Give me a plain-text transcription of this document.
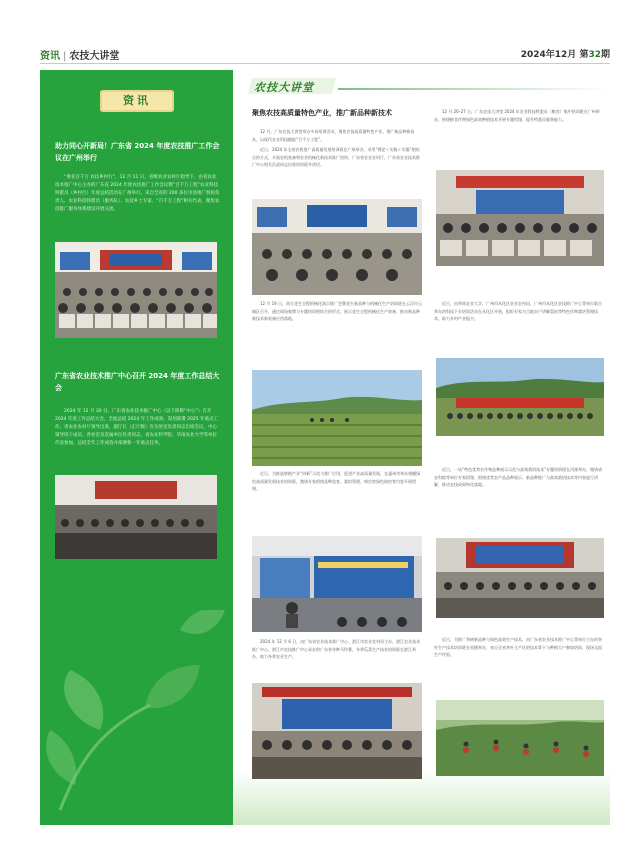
资讯 | 农技大讲堂	2024年12月 第32期
资讯
助力同心开新局！广东省 2024 年度农技推广工作会议在广州举行
“事业百千万 农技乡村行”，12 月 11 日，省级农业农村厅指导下，由省农业技术推广中心主办的广东省 2024 年度农技推广工作会议暨“百千万工程”农业科技特派员（乡村行）年度总结活动在广州举行。来自全省的 200 多位市县推广机构负责人、农业科技特派员（服务队）、农技乡土专家、“百千万工程”相关代表，聚焦农技推广服务体系建设开展交流。
广东省农业技术推广中心召开 2024 年度工作总结大会
2024 年 12 月 30 日，广东省农业技术推广中心（以下简称“中心”）召开 2024 年度工作总结大会，全面总结 2024 年工作成效，谋划部署 2025 年重点工作。省农业农村厅领导出席，副厅长（正厅级）有关处室负责同志出席会议，中心领导班子成员、各处室及直属单位负责同志，省农业科学院、华南农业大学等单位代表参加，总结全年工作成效并部署新一年重点任务。
农技大讲堂
聚焦农技高质量特色产业，推广新品种新技术
12 月，广东农技大讲堂举办多场培训活动，聚焦农技高质量特色产业，推广新品种新技术，以现代农业科技赋能“百千万工程”。
近日，2024 年全省农机推广高质量发展培训班在广州举办，采用“理论＋实践＋实操”相结合的方式，开展农机装备和农业机械化新技术推广培训，广东省农业农村厅、广东省农业技术推广中心相关负责同志出席培训班并讲话。
12 月 19 日，南方花生全程机械化演示推广会暨花生新品种与机械化生产培训班在云浮市云城区召开，通过现场观摩与专题培训相结合的形式，展示花生全程机械化生产装备，推动新品种新技术新装备应用落地。
近日，为推进脐橙产业“四新”示范与推广应用，促进产业高质量发展，在惠州市举办柑橘绿色高质量发展技术培训班，邀请专家围绕品种选育、栽培管理、病虫害绿色防控等内容开展授课。
2024 年 12 月 6 日，由广东省农业技术推广中心、湛江市农业农村局主办，湛江农业技术推广中心、湛江市农技推广中心承办的广东省冬种马铃薯、冬季瓜菜生产技术培训班在湛江举办，助力冬季农业生产。
12 月 26–27 日，广东农技大讲堂 2024 年农业科技特派员（粮食）集中培训班在广州举办，围绕粮食作物绿色高效种植技术开展专题授课，提升特派员服务能力。
近日，由华南农业大学、广州市从化区农业农村局、广州市从化区农技推广中心等单位联合举办的科技下乡培训活动在从化区开展，组织专家为当地农户讲解荔枝等特色作物栽培管理技术，助力乡村产业振兴。
近日，一场“特色优势农作物品种展示示范与高效栽培技术”专题培训班在河源举办，邀请省农科院等单位专家授课，围绕优势农产品品种展示、新品种推广与高效栽培技术等内容进行讲解，推动农技成果转化落地。
近日，为推广茶树新品种与绿色高效生产技术，由广东省农业技术推广中心等单位主办的茶叶生产技术培训班在英德举办，来自全省茶叶主产区的技术骨干与种植大户参加培训，现场交流生产经验。
